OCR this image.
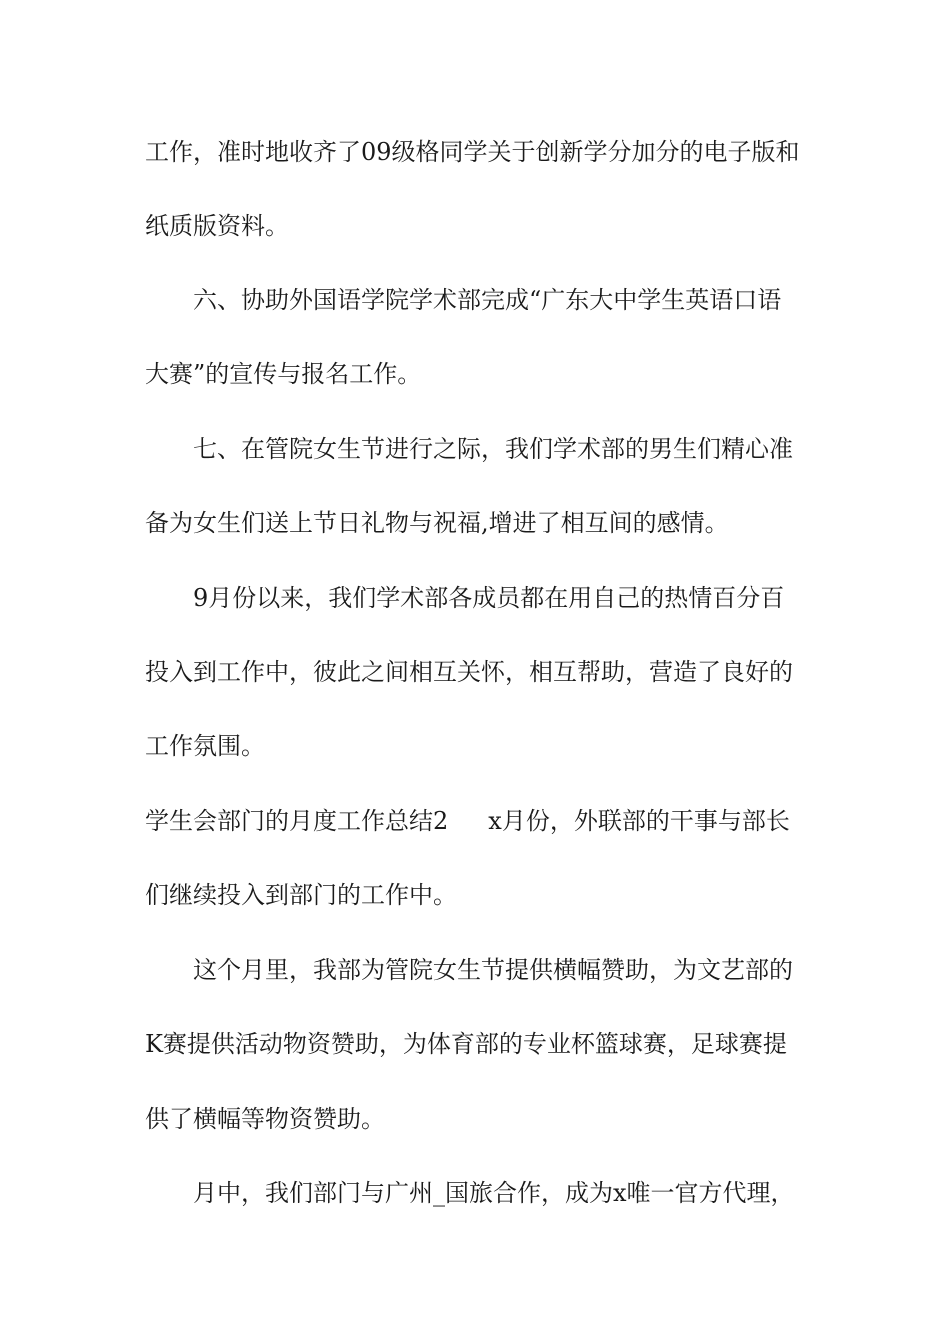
工作，准时地收齐了09级格同学关于创新学分加分的电子版和
纸质版资料。
六、协助外国语学院学术部完成“广东大中学生英语口语
大赛”的宣传与报名工作。
七、在管院女生节进行之际，我们学术部的男生们精心准
备为女生们送上节日礼物与祝福,增进了相互间的感情。
9月份以来，我们学术部各成员都在用自己的热情百分百
投入到工作中，彼此之间相互关怀，相互帮助，营造了良好的
工作氛围。
学生会部门的月度工作总结2 x月份，外联部的干事与部长
们继续投入到部门的工作中。
这个月里，我部为管院女生节提供横幅赞助，为文艺部的
K赛提供活动物资赞助，为体育部的专业杯篮球赛，足球赛提
供了横幅等物资赞助。
月中，我们部门与广州_国旅合作，成为x唯一官方代理，
